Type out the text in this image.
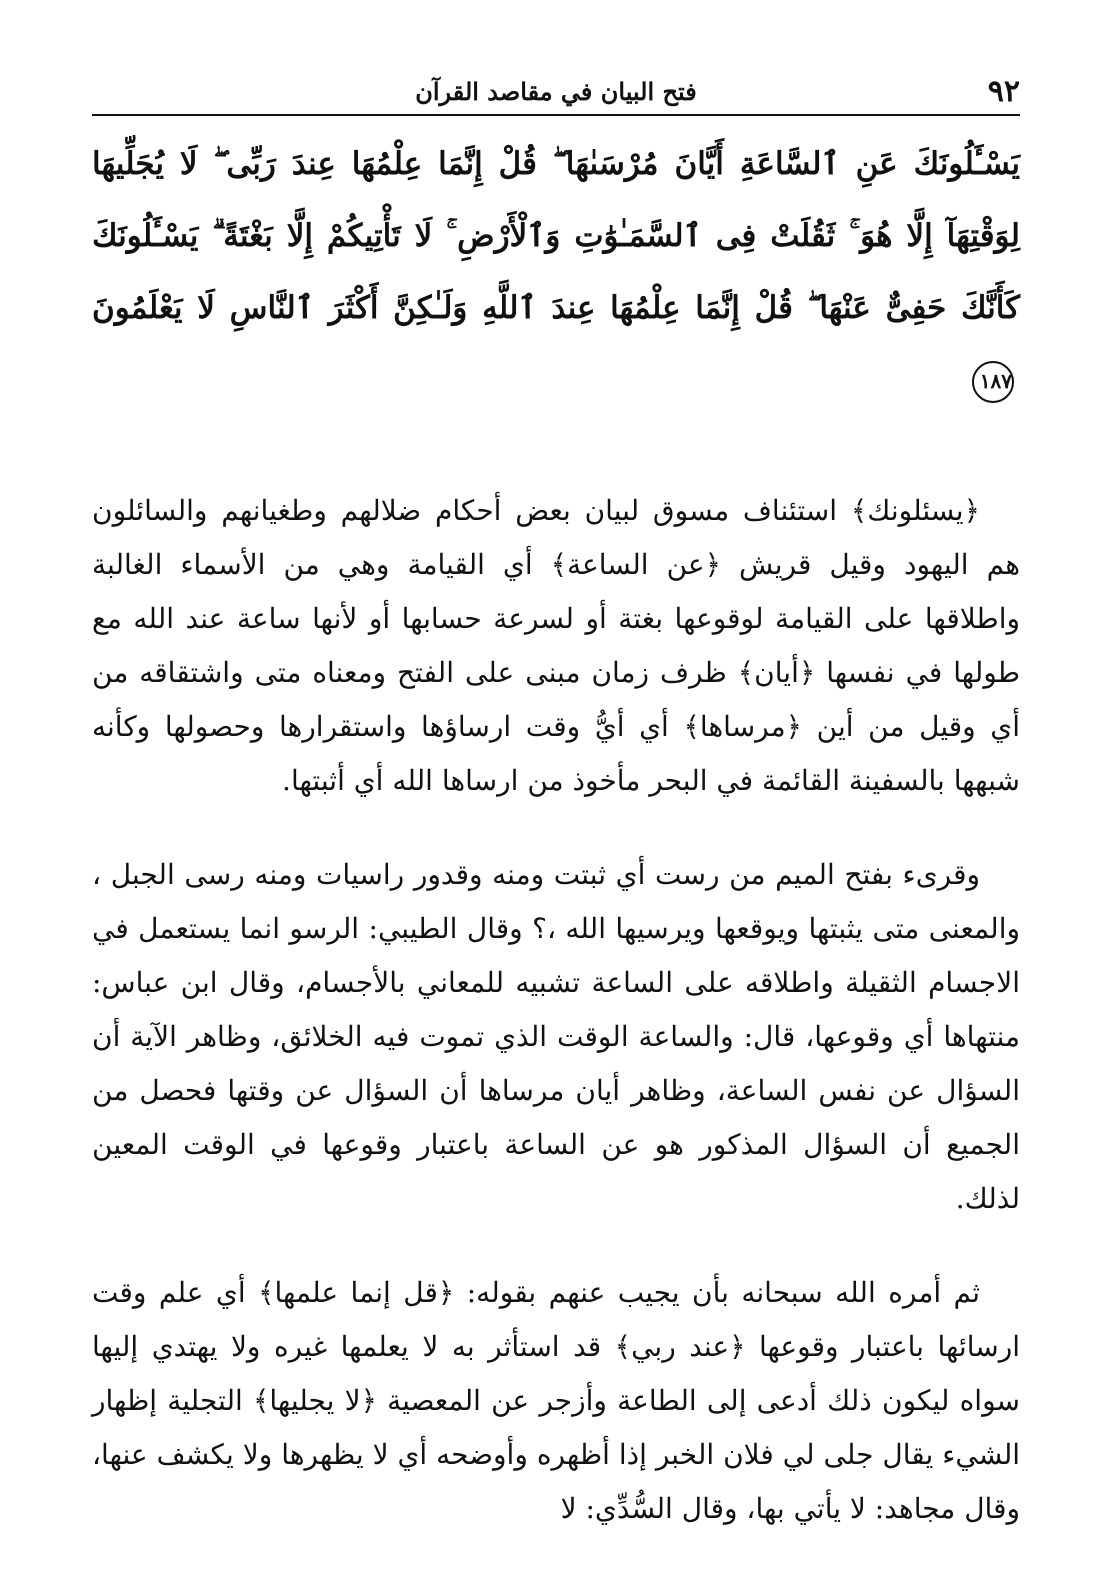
٩٢
فتح البيان في مقاصد القرآن
يَسْـَٔلُونَكَ عَنِ ٱلسَّاعَةِ أَيَّانَ مُرْسَىٰهَا ۖ قُلْ إِنَّمَا عِلْمُهَا عِندَ رَبِّى ۖ لَا يُجَلِّيهَا لِوَقْتِهَآ إِلَّا هُوَ ۚ ثَقُلَتْ فِى ٱلسَّمَـٰوَٰتِ وَٱلْأَرْضِ ۚ لَا تَأْتِيكُمْ إِلَّا بَغْتَةً ۗ يَسْـَٔلُونَكَ كَأَنَّكَ حَفِىٌّ عَنْهَا ۖ قُلْ إِنَّمَا عِلْمُهَا عِندَ ٱللَّهِ وَلَـٰكِنَّ أَكْثَرَ ٱلنَّاسِ لَا يَعْلَمُونَ ١٨٧

﴿يسئلونك﴾ استئناف مسوق لبيان بعض أحكام ضلالهم وطغيانهم والسائلون هم اليهود وقيل قريش ﴿عن الساعة﴾ أي القيامة وهي من الأسماء الغالبة واطلاقها على القيامة لوقوعها بغتة أو لسرعة حسابها أو لأنها ساعة عند الله مع طولها في نفسها ﴿أيان﴾ ظرف زمان مبنى على الفتح ومعناه متى واشتقاقه من أي وقيل من أين ﴿مرساها﴾ أي أيُّ وقت ارساؤها واستقرارها وحصولها وكأنه شبهها بالسفينة القائمة في البحر مأخوذ من ارساها الله أي أثبتها.

وقرىء بفتح الميم من رست أي ثبتت ومنه وقدور راسيات ومنه رسى الجبل ، والمعنى متى يثبتها ويوقعها ويرسيها الله ،؟ وقال الطيبي: الرسو انما يستعمل في الاجسام الثقيلة واطلاقه على الساعة تشبيه للمعاني بالأجسام، وقال ابن عباس: منتهاها أي وقوعها، قال: والساعة الوقت الذي تموت فيه الخلائق، وظاهر الآية أن السؤال عن نفس الساعة، وظاهر أيان مرساها أن السؤال عن وقتها فحصل من الجميع أن السؤال المذكور هو عن الساعة باعتبار وقوعها في الوقت المعين لذلك.

ثم أمره الله سبحانه بأن يجيب عنهم بقوله: ﴿قل إنما علمها﴾ أي علم وقت ارسائها باعتبار وقوعها ﴿عند ربي﴾ قد استأثر به لا يعلمها غيره ولا يهتدي إليها سواه ليكون ذلك أدعى إلى الطاعة وأزجر عن المعصية ﴿لا يجليها﴾ التجلية إظهار الشيء يقال جلى لي فلان الخبر إذا أظهره وأوضحه أي لا يظهرها ولا يكشف عنها، وقال مجاهد: لا يأتي بها، وقال السُّدِّي: لا
